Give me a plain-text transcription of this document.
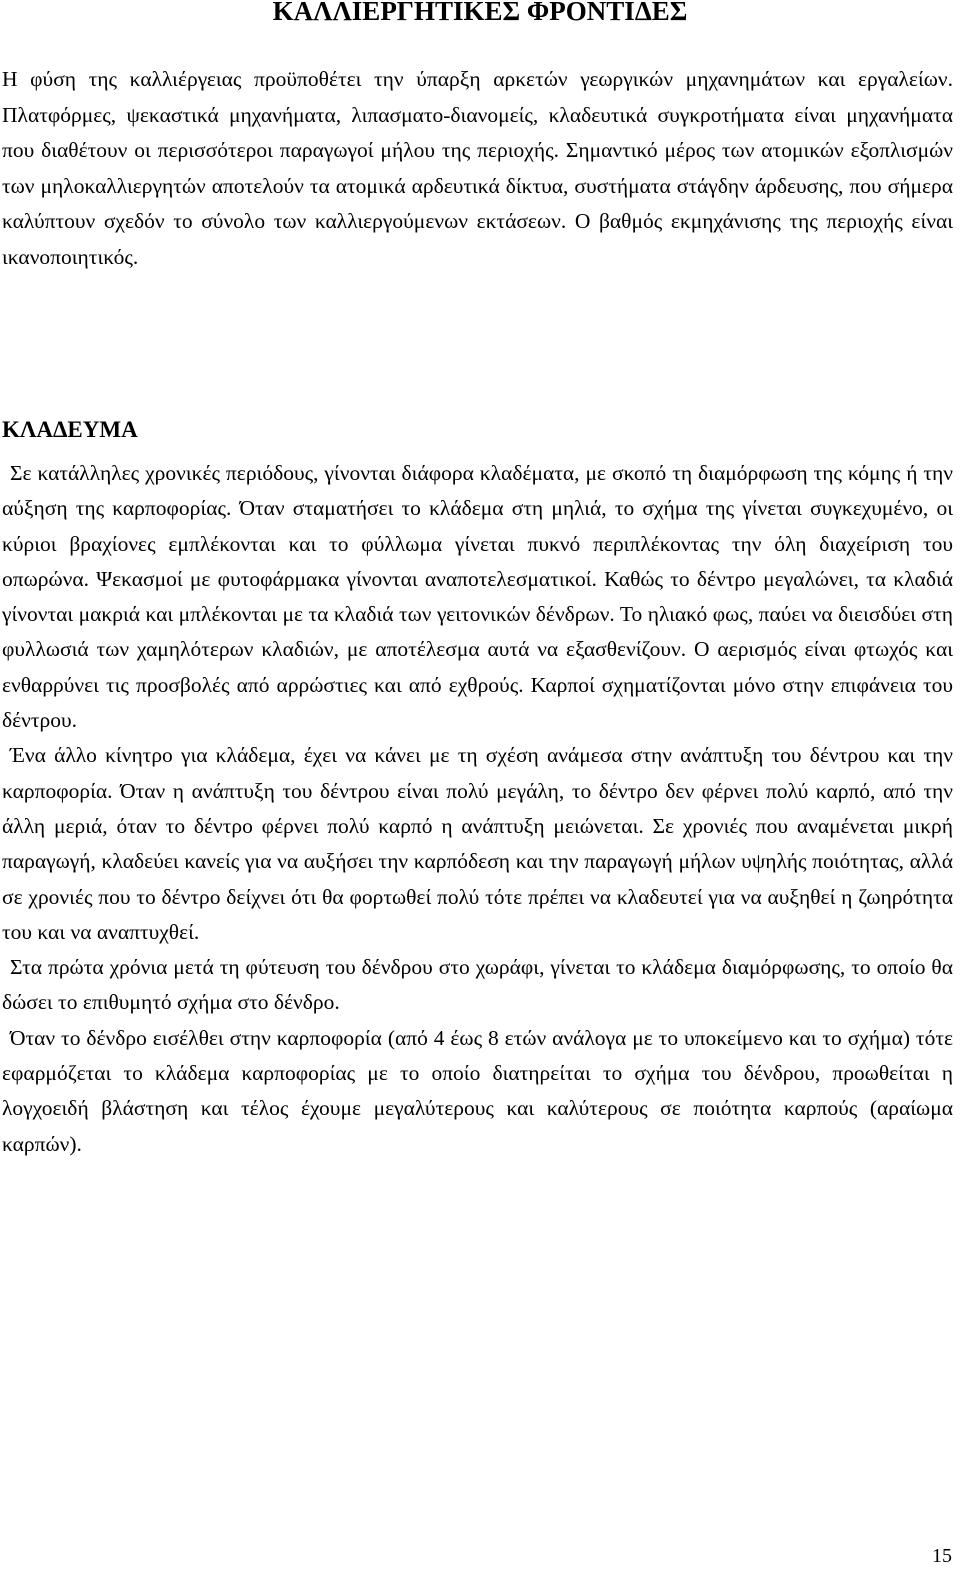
ΚΑΛΛΙΕΡΓΗΤΙΚΕΣ ΦΡΟΝΤΙΔΕΣ

Η φύση της καλλιέργειας προϋποθέτει την ύπαρξη αρκετών γεωργικών μηχανημάτων και εργαλείων. Πλατφόρμες, ψεκαστικά μηχανήματα, λιπασματο-διανομείς, κλαδευτικά συγκροτήματα είναι μηχανήματα που διαθέτουν οι περισσότεροι παραγωγοί μήλου της περιοχής. Σημαντικό μέρος των ατομικών εξοπλισμών των μηλοκαλλιεργητών αποτελούν τα ατομικά αρδευτικά δίκτυα, συστήματα στάγδην άρδευσης, που σήμερα καλύπτουν σχεδόν το σύνολο των καλλιεργούμενων εκτάσεων. Ο βαθμός εκμηχάνισης της περιοχής είναι ικανοποιητικός.

ΚΛΑΔΕΥΜΑ

Σε κατάλληλες χρονικές περιόδους, γίνονται διάφορα κλαδέματα, με σκοπό τη διαμόρφωση της κόμης ή την αύξηση της καρποφορίας. Όταν σταματήσει το κλάδεμα στη μηλιά, το σχήμα της γίνεται συγκεχυμένο, οι κύριοι βραχίονες εμπλέκονται και το φύλλωμα γίνεται πυκνό περιπλέκοντας την όλη διαχείριση του οπωρώνα. Ψεκασμοί με φυτοφάρμακα γίνονται αναποτελεσματικοί. Καθώς το δέντρο μεγαλώνει, τα κλαδιά γίνονται μακριά και μπλέκονται με τα κλαδιά των γειτονικών δένδρων. Το ηλιακό φως, παύει να διεισδύει στη φυλλωσιά των χαμηλότερων κλαδιών, με αποτέλεσμα αυτά να εξασθενίζουν. Ο αερισμός είναι φτωχός και ενθαρρύνει τις προσβολές από αρρώστιες και από εχθρούς. Καρποί σχηματίζονται μόνο στην επιφάνεια του δέντρου.

Ένα άλλο κίνητρο για κλάδεμα, έχει να κάνει με τη σχέση ανάμεσα στην ανάπτυξη του δέντρου και την καρποφορία. Όταν η ανάπτυξη του δέντρου είναι πολύ μεγάλη, το δέντρο δεν φέρνει πολύ καρπό, από την άλλη μεριά, όταν το δέντρο φέρνει πολύ καρπό η ανάπτυξη μειώνεται. Σε χρονιές που αναμένεται μικρή παραγωγή, κλαδεύει κανείς για να αυξήσει την καρπόδεση και την παραγωγή μήλων υψηλής ποιότητας, αλλά σε χρονιές που το δέντρο δείχνει ότι θα φορτωθεί πολύ τότε πρέπει να κλαδευτεί για να αυξηθεί η ζωηρότητα του και να αναπτυχθεί.

Στα πρώτα χρόνια μετά τη φύτευση του δένδρου στο χωράφι, γίνεται το κλάδεμα διαμόρφωσης, το οποίο θα δώσει το επιθυμητό σχήμα στο δένδρο.

Όταν το δένδρο εισέλθει στην καρποφορία (από 4 έως 8 ετών ανάλογα με το υποκείμενο και το σχήμα) τότε εφαρμόζεται το κλάδεμα καρποφορίας με το οποίο διατηρείται το σχήμα του δένδρου, προωθείται η λογχοειδή βλάστηση και τέλος έχουμε μεγαλύτερους και καλύτερους σε ποιότητα καρπούς (αραίωμα καρπών).

15
